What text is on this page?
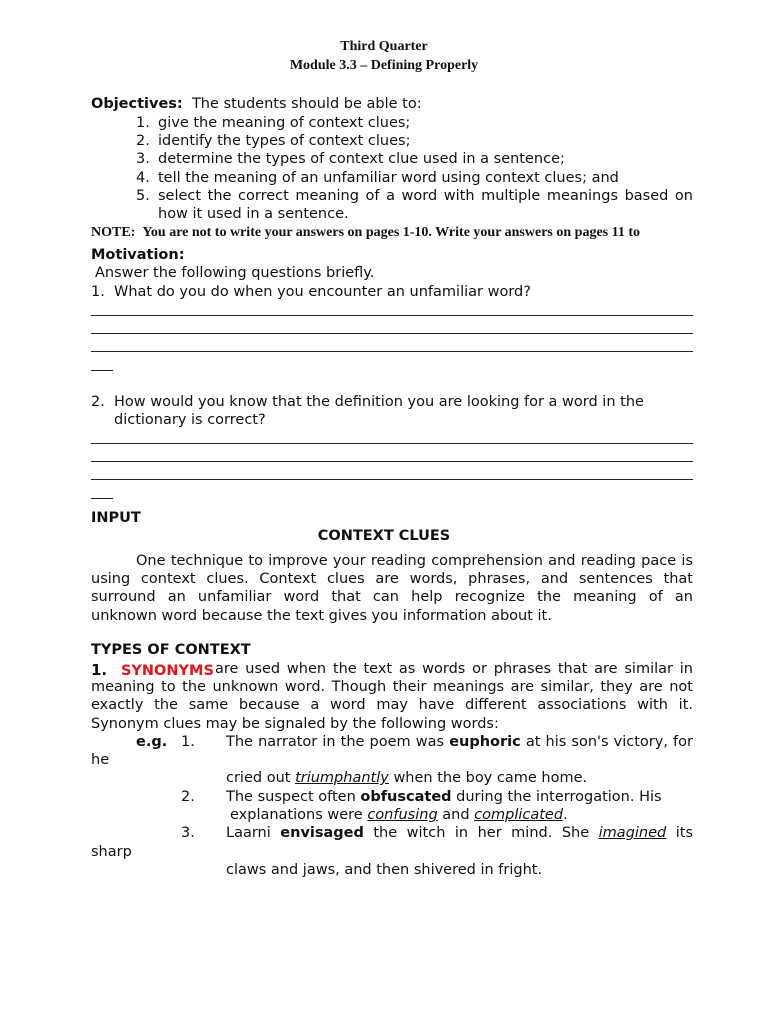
Third Quarter
Module 3.3 – Defining Properly
Objectives: The students should be able to:
1. give the meaning of context clues;
2. identify the types of context clues;
3. determine the types of context clue used in a sentence;
4. tell the meaning of an unfamiliar word using context clues; and
5. select the correct meaning of a word with multiple meanings based on
how it used in a sentence.
NOTE: You are not to write your answers on pages 1-10. Write your answers on pages 11 to
Motivation:
Answer the following questions briefly.
1. What do you do when you encounter an unfamiliar word?
2. How would you know that the definition you are looking for a word in the
dictionary is correct?
INPUT
CONTEXT CLUES
One technique to improve your reading comprehension and reading pace is
using context clues. Context clues are words, phrases, and sentences that
surround an unfamiliar word that can help recognize the meaning of an
unknown word because the text gives you information about it.
TYPES OF CONTEXT
1. SYNONYMS are used when the text as words or phrases that are similar in
meaning to the unknown word. Though their meanings are similar, they are not
exactly the same because a word may have different associations with it.
Synonym clues may be signaled by the following words:
e.g. 1. The narrator in the poem was euphoric at his son's victory, for
he
cried out triumphantly when the boy came home.
2. The suspect often obfuscated during the interrogation. His
explanations were confusing and complicated.
3. Laarni envisaged the witch in her mind. She imagined its
sharp
claws and jaws, and then shivered in fright.
